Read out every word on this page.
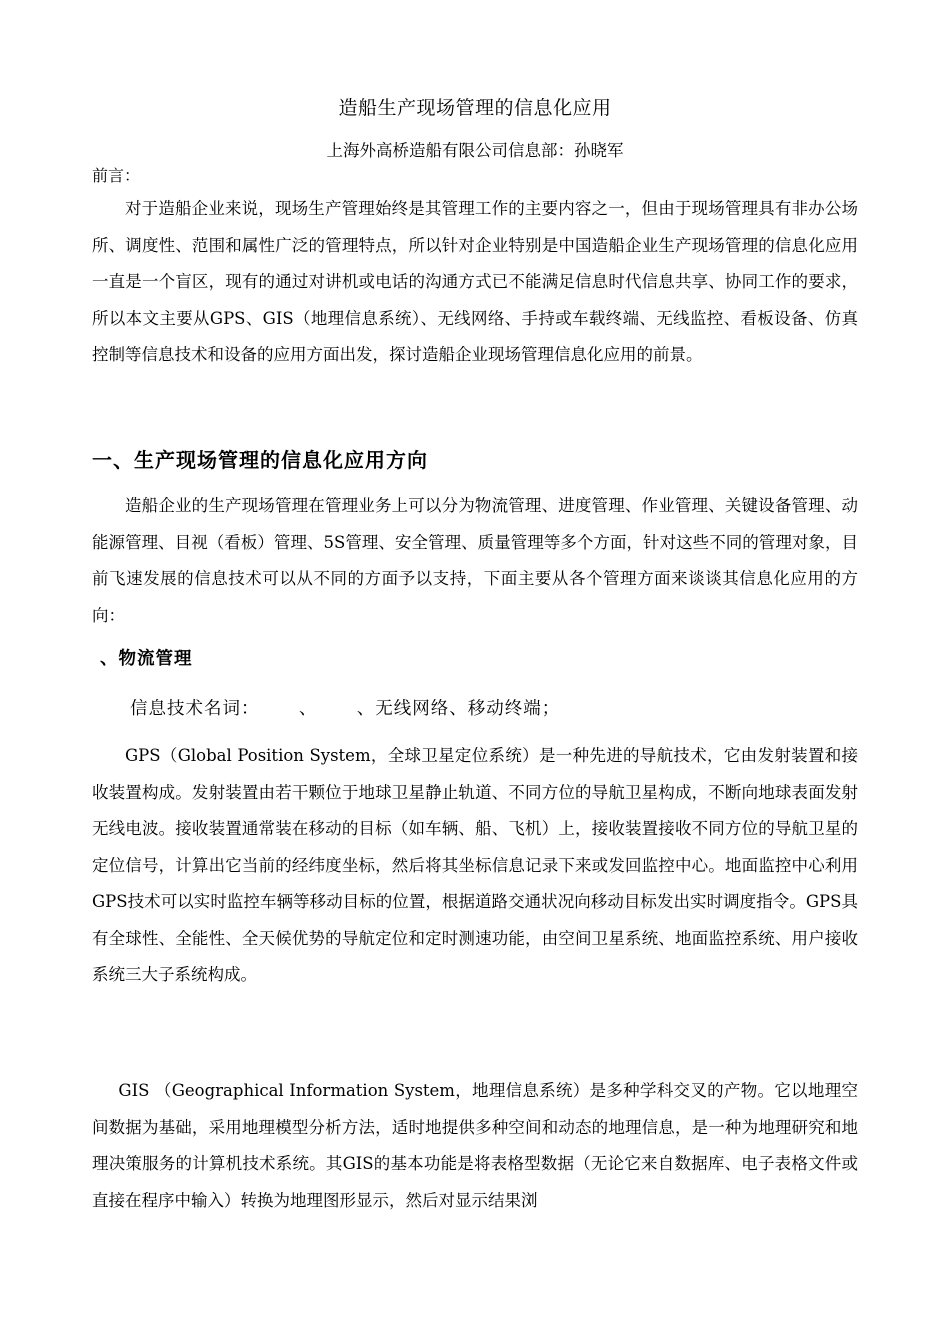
造船生产现场管理的信息化应用
上海外高桥造船有限公司信息部：孙晓军
前言：

对于造船企业来说，现场生产管理始终是其管理工作的主要内容之一，但由于现场管理具有非办公场所、调度性、范围和属性广泛的管理特点，所以针对企业特别是中国造船企业生产现场管理的信息化应用一直是一个盲区，现有的通过对讲机或电话的沟通方式已不能满足信息时代信息共享、协同工作的要求，所以本文主要从GPS、GIS（地理信息系统）、无线网络、手持或车载终端、无线监控、看板设备、仿真控制等信息技术和设备的应用方面出发，探讨造船企业现场管理信息化应用的前景。

一、生产现场管理的信息化应用方向

造船企业的生产现场管理在管理业务上可以分为物流管理、进度管理、作业管理、关键设备管理、动能源管理、目视（看板）管理、5S管理、安全管理、质量管理等多个方面，针对这些不同的管理对象，目前飞速发展的信息技术可以从不同的方面予以支持，下面主要从各个管理方面来谈谈其信息化应用的方向：

、物流管理
信息技术名词：      、      、无线网络、移动终端；

GPS（Global Position System，全球卫星定位系统）是一种先进的导航技术，它由发射装置和接收装置构成。发射装置由若干颗位于地球卫星静止轨道、不同方位的导航卫星构成，不断向地球表面发射无线电波。接收装置通常装在移动的目标（如车辆、船、飞机）上，接收装置接收不同方位的导航卫星的定位信号，计算出它当前的经纬度坐标，然后将其坐标信息记录下来或发回监控中心。地面监控中心利用GPS技术可以实时监控车辆等移动目标的位置，根据道路交通状况向移动目标发出实时调度指令。GPS具有全球性、全能性、全天候优势的导航定位和定时测速功能，由空间卫星系统、地面监控系统、用户接收系统三大子系统构成。

GIS （Geographical Information System，地理信息系统）是多种学科交叉的产物。它以地理空间数据为基础，采用地理模型分析方法，适时地提供多种空间和动态的地理信息，是一种为地理研究和地理决策服务的计算机技术系统。其GIS的基本功能是将表格型数据（无论它来自数据库、电子表格文件或直接在程序中输入）转换为地理图形显示，然后对显示结果浏
